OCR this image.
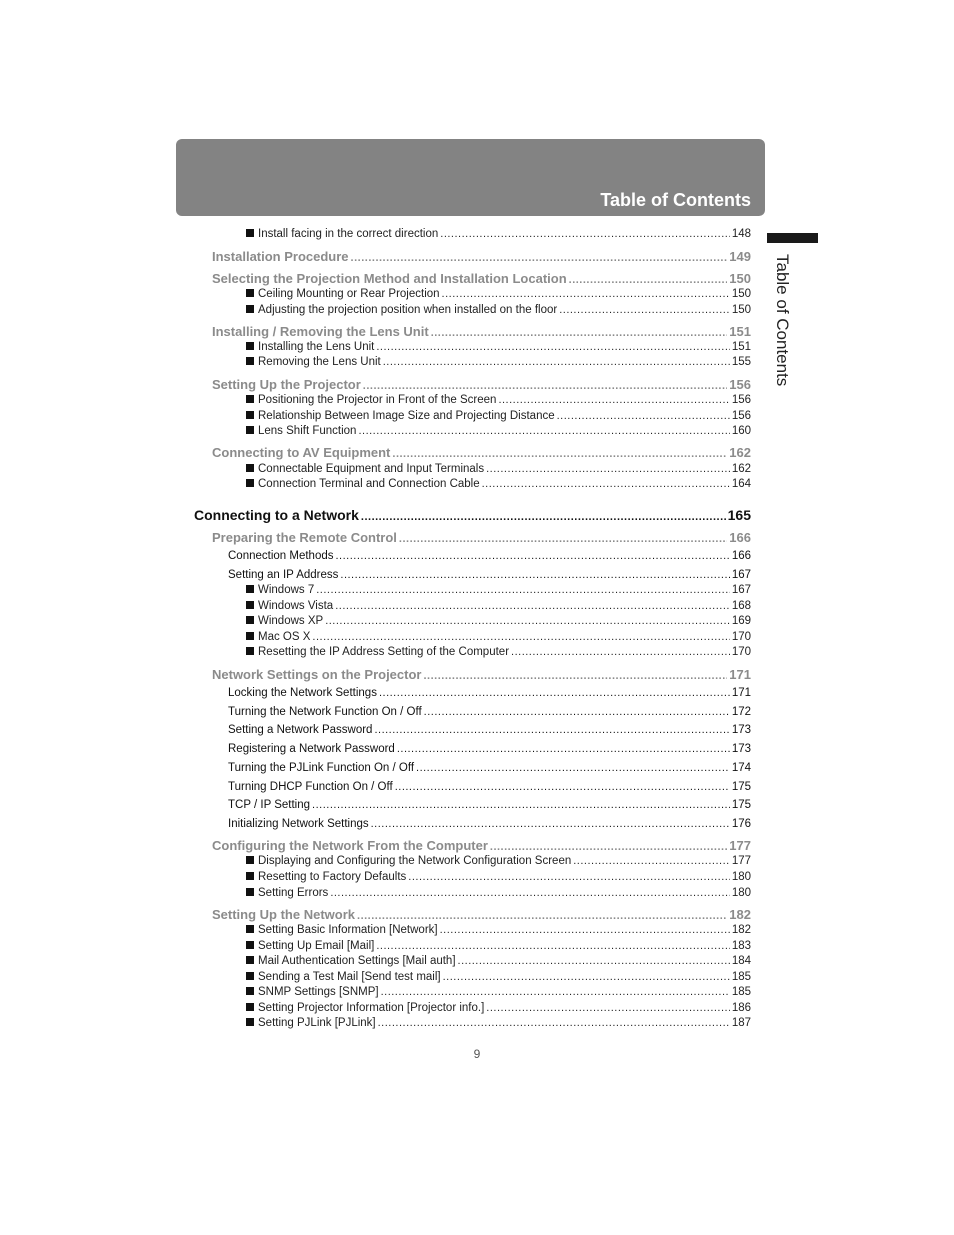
Table of Contents
Table of Contents
Install facing in the correct direction .....	148
Installation Procedure .....	149
Selecting the Projection Method and Installation Location .....	150
Ceiling Mounting or Rear Projection .....	150
Adjusting the projection position when installed on the floor .....	150
Installing / Removing the Lens Unit .....	151
Installing the Lens Unit .....	151
Removing the Lens Unit .....	155
Setting Up the Projector .....	156
Positioning the Projector in Front of the Screen .....	156
Relationship Between Image Size and Projecting Distance .....	156
Lens Shift Function .....	160
Connecting to AV Equipment .....	162
Connectable Equipment and Input Terminals .....	162
Connection Terminal and Connection Cable .....	164
Connecting to a Network .....	165
Preparing the Remote Control .....	166
Connection Methods .....	166
Setting an IP Address .....	167
Windows 7 .....	167
Windows Vista .....	168
Windows XP .....	169
Mac OS X .....	170
Resetting the IP Address Setting of the Computer .....	170
Network Settings on the Projector .....	171
Locking the Network Settings .....	171
Turning the Network Function On / Off .....	172
Setting a Network Password .....	173
Registering a Network Password .....	173
Turning the PJLink Function On / Off .....	174
Turning DHCP Function On / Off .....	175
TCP / IP Setting .....	175
Initializing Network Settings .....	176
Configuring the Network From the Computer .....	177
Displaying and Configuring the Network Configuration Screen .....	177
Resetting to Factory Defaults .....	180
Setting Errors .....	180
Setting Up the Network .....	182
Setting Basic Information [Network] .....	182
Setting Up Email [Mail] .....	183
Mail Authentication Settings [Mail auth] .....	184
Sending a Test Mail [Send test mail] .....	185
SNMP Settings [SNMP] .....	185
Setting Projector Information [Projector info.] .....	186
Setting PJLink [PJLink] .....	187
9
